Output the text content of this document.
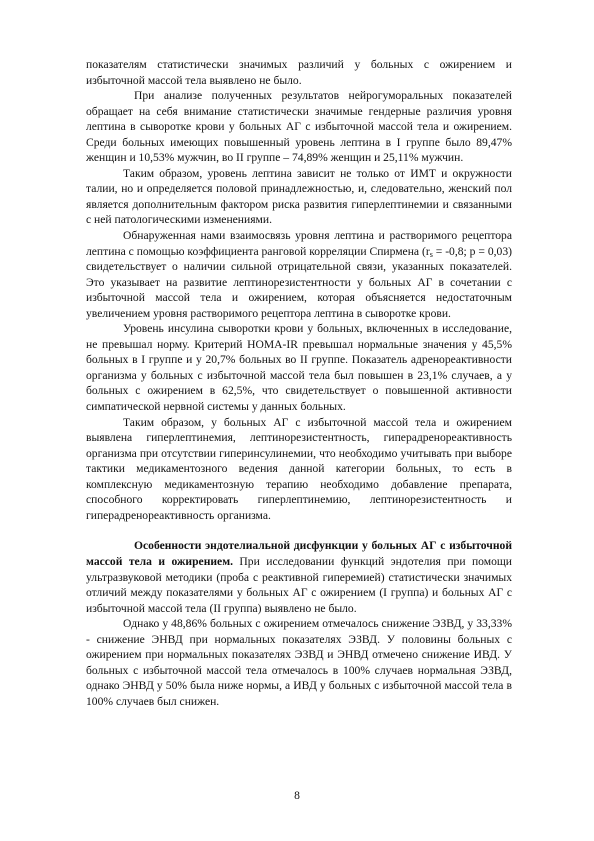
показателям статистически значимых различий у больных с ожирением и избыточной массой тела выявлено не было.

При анализе полученных результатов нейрогуморальных показателей обращает на себя внимание статистически значимые гендерные различия уровня лептина в сыворотке крови у больных АГ с избыточной массой тела и ожирением. Среди больных имеющих повышенный уровень лептина в I группе было 89,47% женщин и 10,53% мужчин, во II группе – 74,89% женщин и 25,11% мужчин.

Таким образом, уровень лептина зависит не только от ИМТ и окружности талии, но и определяется половой принадлежностью, и, следовательно, женский пол является дополнительным фактором риска развития гиперлептинемии и связанными с ней патологическими изменениями.

Обнаруженная нами взаимосвязь уровня лептина и растворимого рецептора лептина с помощью коэффициента ранговой корреляции Спирмена ($r_s = -0,8$; p = 0,03) свидетельствует о наличии сильной отрицательной связи, указанных показателей. Это указывает на развитие лептинорезистентности у больных АГ в сочетании с избыточной массой тела и ожирением, которая объясняется недостаточным увеличением уровня растворимого рецептора лептина в сыворотке крови.

Уровень инсулина сыворотки крови у больных, включенных в исследование, не превышал норму. Критерий HOMA-IR превышал нормальные значения у 45,5% больных в I группе и у 20,7% больных во II группе. Показатель адренореактивности организма у больных с избыточной массой тела был повышен в 23,1% случаев, а у больных с ожирением в 62,5%, что свидетельствует о повышенной активности симпатической нервной системы у данных больных.

Таким образом, у больных АГ с избыточной массой тела и ожирением выявлена гиперлептинемия, лептинорезистентность, гиперадренореактивность организма при отсутствии гиперинсулинемии, что необходимо учитывать при выборе тактики медикаментозного ведения данной категории больных, то есть в комплексную медикаментозную терапию необходимо добавление препарата, способного корректировать гиперлептинемию, лептинорезистентность и гиперадренореактивность организма.

Особенности эндотелиальной дисфункции у больных АГ с избыточной массой тела и ожирением. При исследовании функций эндотелия при помощи ультразвуковой методики (проба с реактивной гиперемией) статистически значимых отличий между показателями у больных АГ с ожирением (I группа) и больных АГ с избыточной массой тела (II группа) выявлено не было.

Однако у 48,86% больных с ожирением отмечалось снижение ЭЗВД, у 33,33% - снижение ЭНВД при нормальных показателях ЭЗВД. У половины больных с ожирением при нормальных показателях ЭЗВД и ЭНВД отмечено снижение ИВД. У больных с избыточной массой тела отмечалось в 100% случаев нормальная ЭЗВД, однако ЭНВД у 50% была ниже нормы, а ИВД у больных с избыточной массой тела в 100% случаев был снижен.

8
